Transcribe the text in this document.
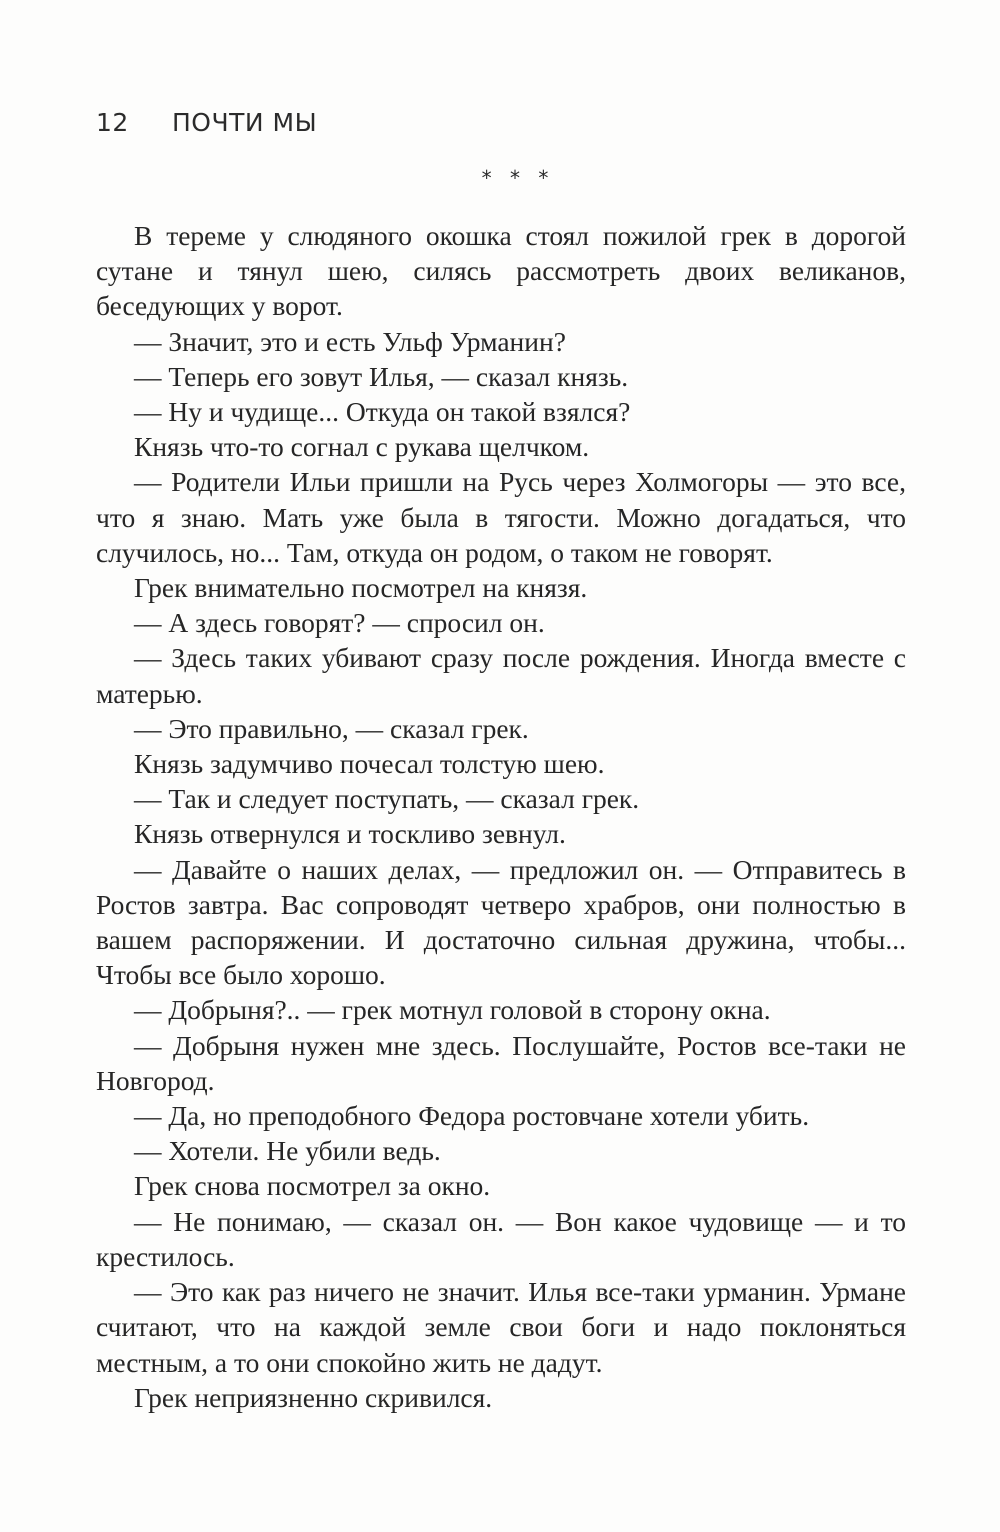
12 ПОЧТИ МЫ
* * *

В тереме у слюдяного окошка стоял пожилой грек в дорогой сутане и тянул шею, силясь рассмотреть двоих великанов, беседующих у ворот.

— Значит, это и есть Ульф Урманин?

— Теперь его зовут Илья, — сказал князь.

— Ну и чудище... Откуда он такой взялся?

Князь что-то согнал с рукава щелчком.

— Родители Ильи пришли на Русь через Холмогоры — это все, что я знаю. Мать уже была в тягости. Можно догадаться, что случилось, но... Там, откуда он родом, о таком не говорят.

Грек внимательно посмотрел на князя.

— А здесь говорят? — спросил он.

— Здесь таких убивают сразу после рождения. Иногда вместе с матерью.

— Это правильно, — сказал грек.

Князь задумчиво почесал толстую шею.

— Так и следует поступать, — сказал грек.

Князь отвернулся и тоскливо зевнул.

— Давайте о наших делах, — предложил он. — Отправитесь в Ростов завтра. Вас сопроводят четверо храбров, они полностью в вашем распоряжении. И достаточно сильная дружина, чтобы... Чтобы все было хорошо.

— Добрыня?.. — грек мотнул головой в сторону окна.

— Добрыня нужен мне здесь. Послушайте, Ростов все-таки не Новгород.

— Да, но преподобного Федора ростовчане хотели убить.

— Хотели. Не убили ведь.

Грек снова посмотрел за окно.

— Не понимаю, — сказал он. — Вон какое чудовище — и то крестилось.

— Это как раз ничего не значит. Илья все-таки урманин. Урмане считают, что на каждой земле свои боги и надо поклоняться местным, а то они спокойно жить не дадут.

Грек неприязненно скривился.
